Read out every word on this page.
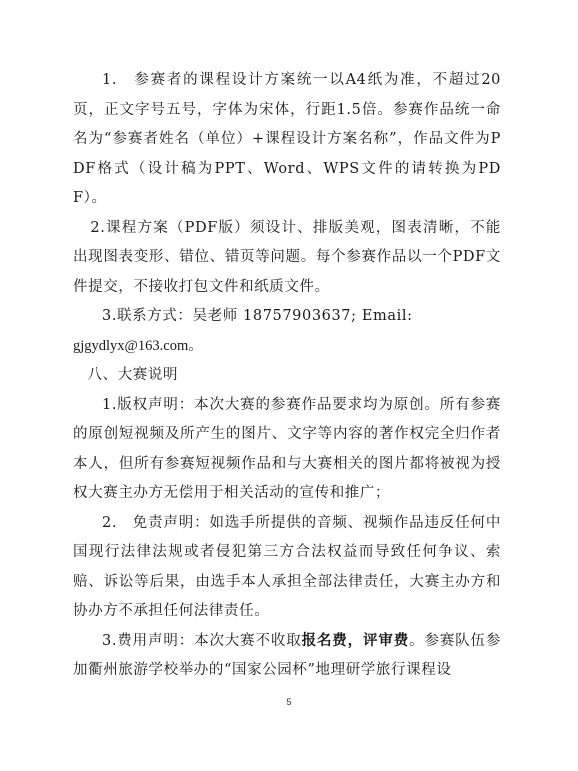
1.　参赛者的课程设计方案统一以A4纸为准，不超过20页，正文字号五号，字体为宋体，行距1.5倍。参赛作品统一命名为“参赛者姓名（单位）+课程设计方案名称”，作品文件为PDF格式（设计稿为PPT、Word、WPS文件的请转换为PDF）。

2.课程方案（PDF版）须设计、排版美观，图表清晰，不能出现图表变形、错位、错页等问题。每个参赛作品以一个PDF文件提交，不接收打包文件和纸质文件。

3.联系方式：吴老师 18757903637; Email:

gjgydlyx@163.com。

八、大赛说明

1.版权声明：本次大赛的参赛作品要求均为原创。所有参赛的原创短视频及所产生的图片、文字等内容的著作权完全归作者本人，但所有参赛短视频作品和与大赛相关的图片都将被视为授权大赛主办方无偿用于相关活动的宣传和推广；

2.　免责声明：如选手所提供的音频、视频作品违反任何中国现行法律法规或者侵犯第三方合法权益而导致任何争议、索赔、诉讼等后果，由选手本人承担全部法律责任，大赛主办方和协办方不承担任何法律责任。

3.费用声明：本次大赛不收取报名费，评审费。参赛队伍参加衢州旅游学校举办的“国家公园杯”地理研学旅行课程设

5
